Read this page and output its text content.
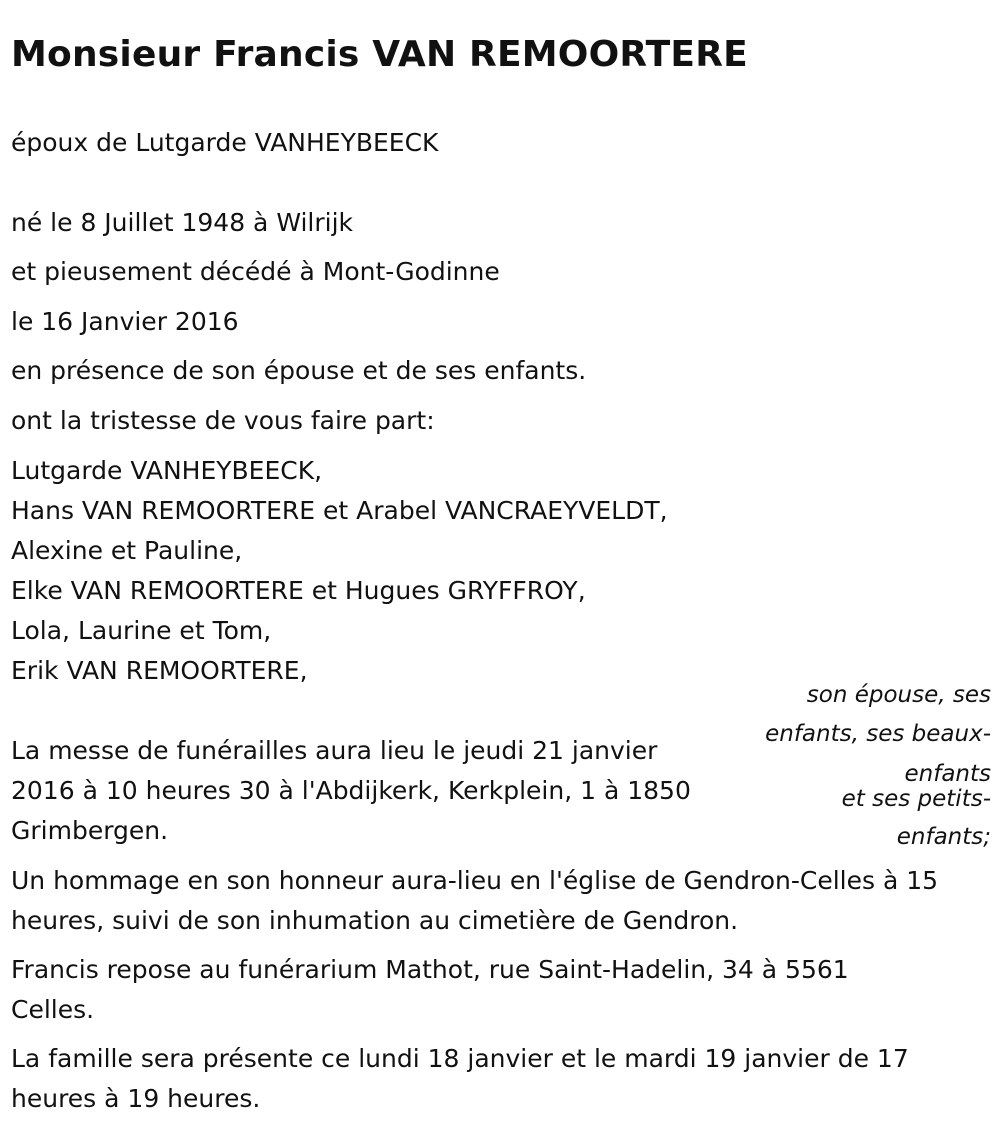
Monsieur Francis VAN REMOORTERE

époux de Lutgarde VANHEYBEECK

né le 8 Juillet 1948 à Wilrijk

et pieusement décédé à Mont-Godinne

le 16 Janvier 2016

en présence de son épouse et de ses enfants.

ont la tristesse de vous faire part:

Lutgarde VANHEYBEECK,
Hans VAN REMOORTERE et Arabel VANCRAEYVELDT,
Alexine et Pauline,
Elke VAN REMOORTERE et Hugues GRYFFROY,
Lola, Laurine et Tom,
Erik VAN REMOORTERE,

son épouse, ses

enfants, ses beaux-

enfants

et ses petits-

enfants;

La messe de funérailles aura lieu le jeudi 21 janvier
2016 à 10 heures 30 à l'Abdijkerk, Kerkplein, 1 à 1850
Grimbergen.
Un hommage en son honneur aura-lieu en l'église de Gendron-Celles à 15
heures, suivi de son inhumation au cimetière de Gendron.
Francis repose au funérarium Mathot, rue Saint-Hadelin, 34 à 5561
Celles.
La famille sera présente ce lundi 18 janvier et le mardi 19 janvier de 17
heures à 19 heures.
